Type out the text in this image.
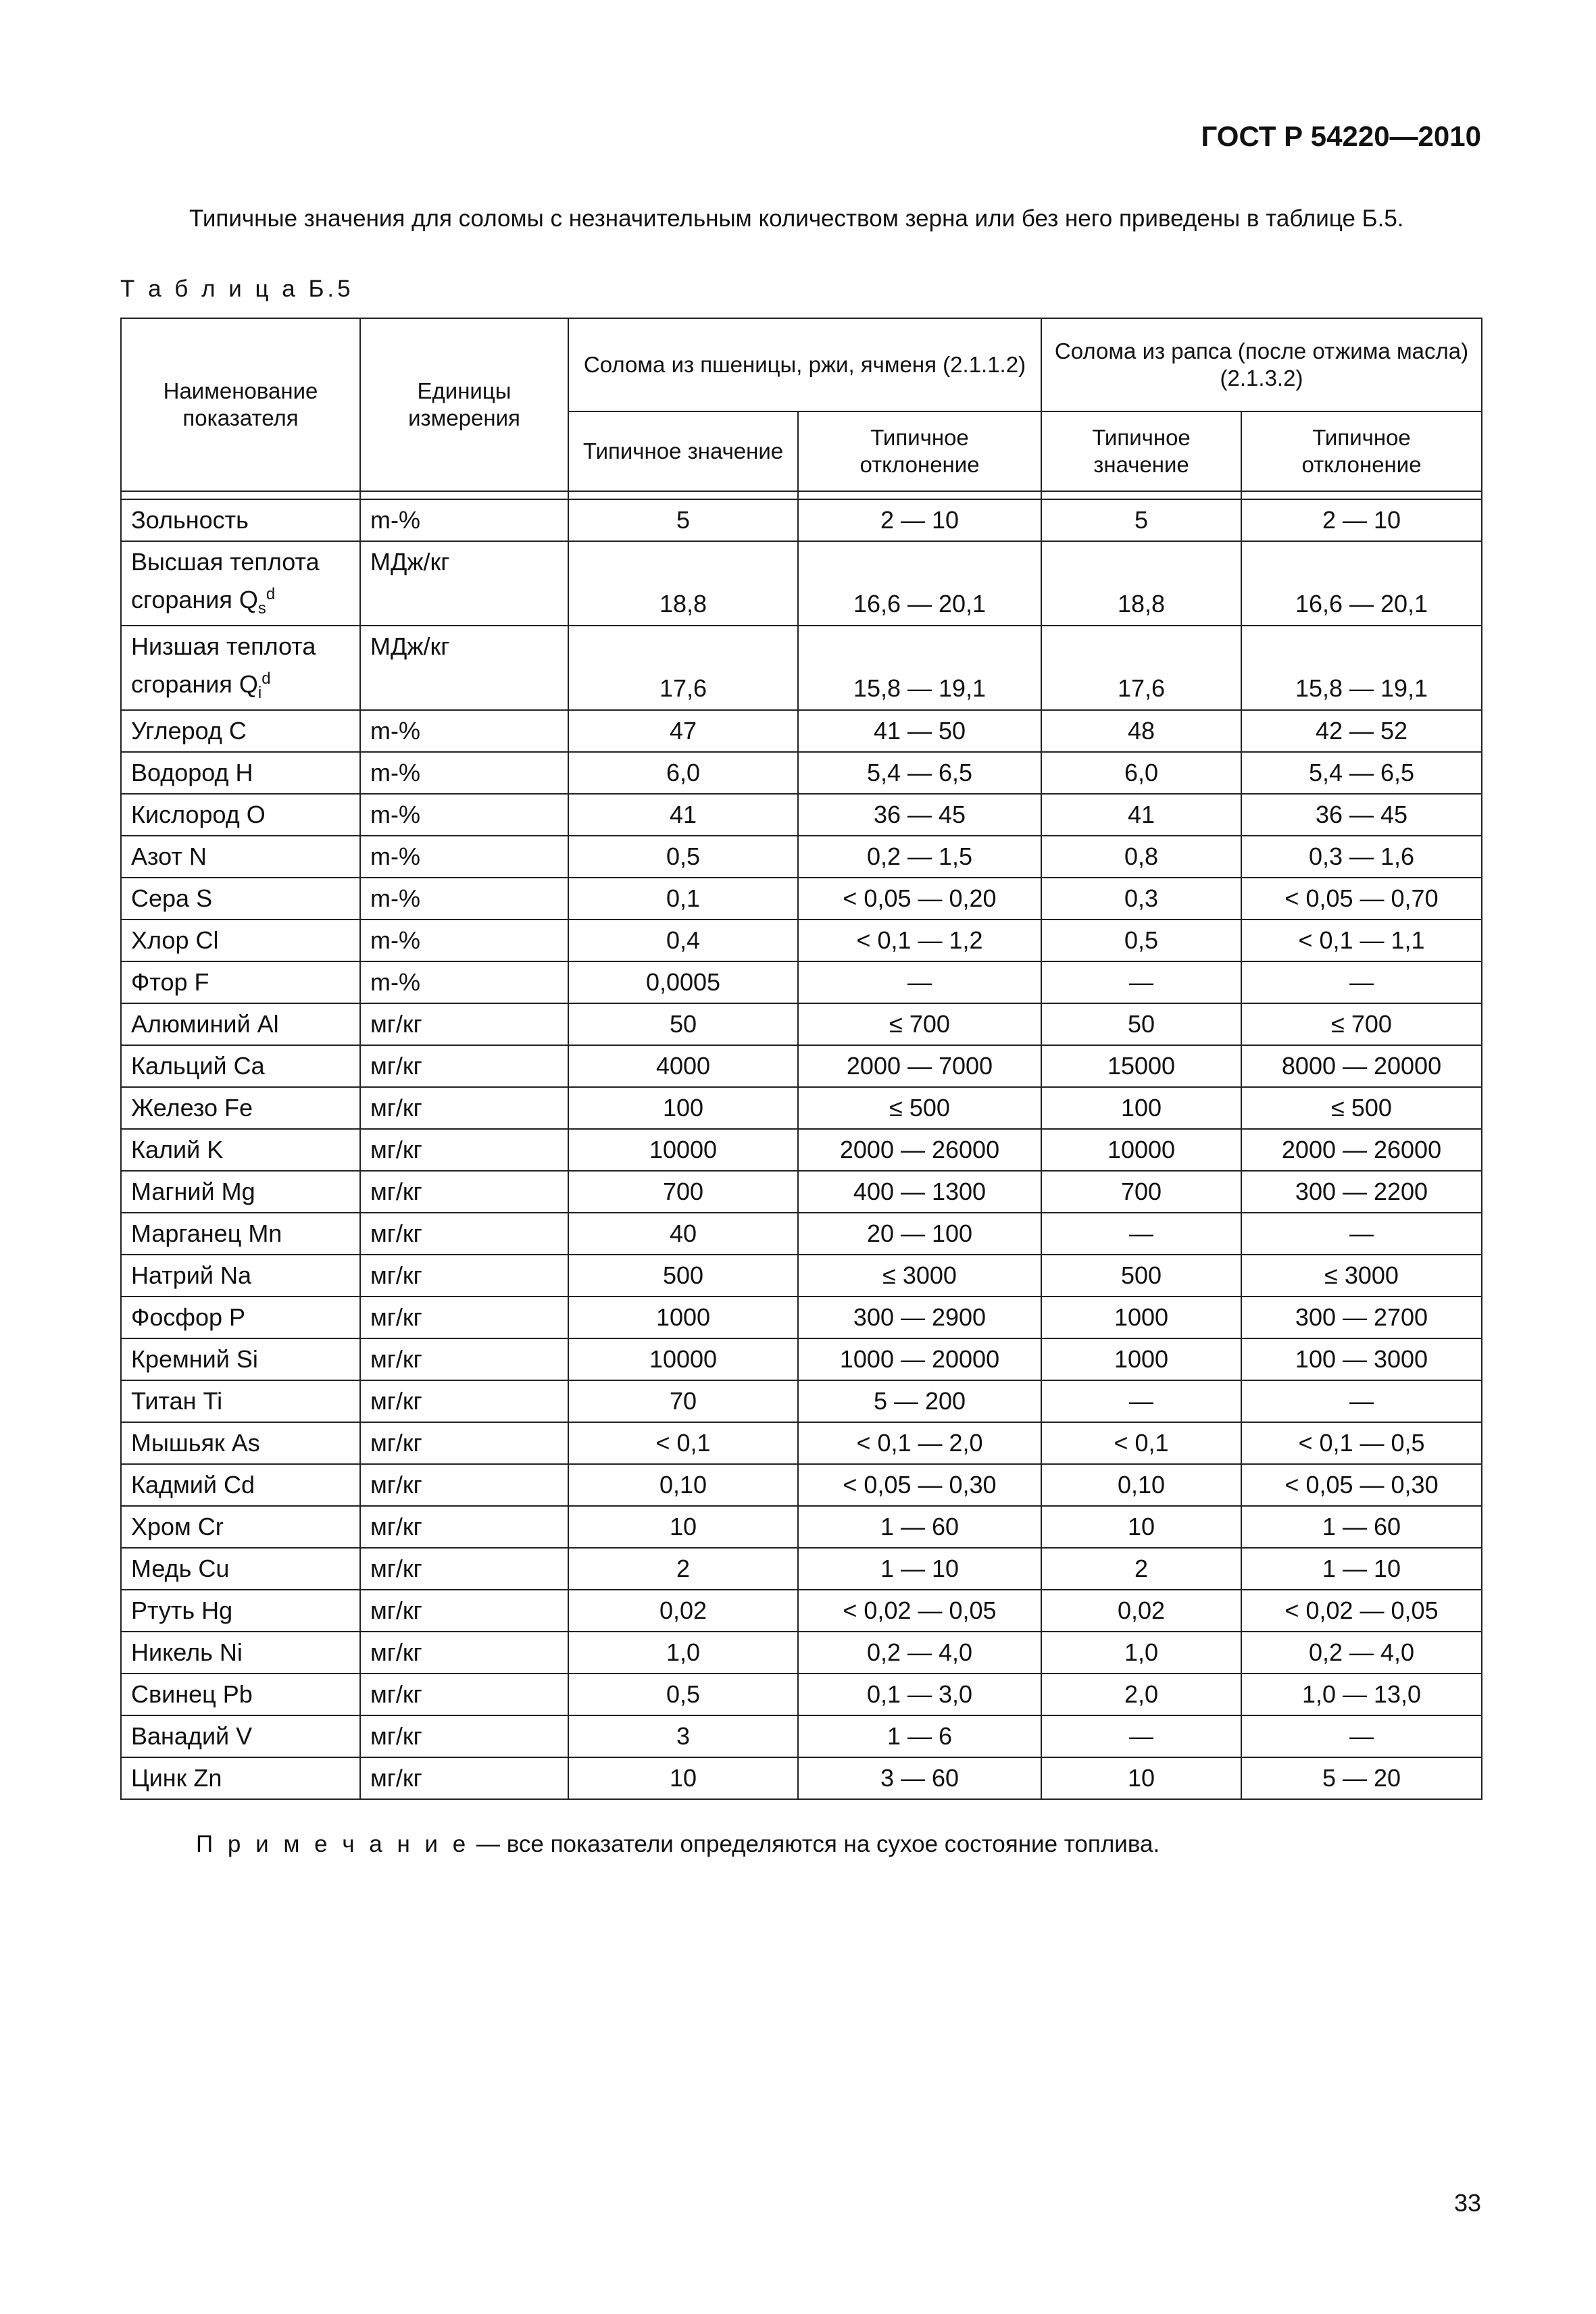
ГОСТ Р 54220—2010
Типичные значения для соломы с незначительным количеством зерна или без него приведены в таблице Б.5.
Т а б л и ц а Б.5
Наименование показателя	Единицы измерения	Солома из пшеницы, ржи, ячменя (2.1.1.2)		Солома из рапса (после отжима масла) (2.1.3.2)	
		Типичное значение	Типичное отклонение	Типичное значение	Типичное отклонение

Зольность	m-%	5	2 — 10	5	2 — 10
Высшая теплота сгорания $Q_s^d$	МДж/кг	18,8	16,6 — 20,1	18,8	16,6 — 20,1
Низшая теплота сгорания $Q_i^d$	МДж/кг	17,6	15,8 — 19,1	17,6	15,8 — 19,1
Углерод C	m-%	47	41 — 50	48	42 — 52
Водород H	m-%	6,0	5,4 — 6,5	6,0	5,4 — 6,5
Кислород O	m-%	41	36 — 45	41	36 — 45
Азот N	m-%	0,5	0,2 — 1,5	0,8	0,3 — 1,6
Сера S	m-%	0,1	< 0,05 — 0,20	0,3	< 0,05 — 0,70
Хлор Cl	m-%	0,4	< 0,1 — 1,2	0,5	< 0,1 — 1,1
Фтор F	m-%	0,0005	—	—	—
Алюминий Al	мг/кг	50	≤ 700	50	≤ 700
Кальций Ca	мг/кг	4000	2000 — 7000	15000	8000 — 20000
Железо Fe	мг/кг	100	≤ 500	100	≤ 500
Калий K	мг/кг	10000	2000 — 26000	10000	2000 — 26000
Магний Mg	мг/кг	700	400 — 1300	700	300 — 2200
Марганец Mn	мг/кг	40	20 — 100	—	—
Натрий Na	мг/кг	500	≤ 3000	500	≤ 3000
Фосфор P	мг/кг	1000	300 — 2900	1000	300 — 2700
Кремний Si	мг/кг	10000	1000 — 20000	1000	100 — 3000
Титан Ti	мг/кг	70	5 — 200	—	—
Мышьяк As	мг/кг	< 0,1	< 0,1 — 2,0	< 0,1	< 0,1 — 0,5
Кадмий Cd	мг/кг	0,10	< 0,05 — 0,30	0,10	< 0,05 — 0,30
Хром Cr	мг/кг	10	1 — 60	10	1 — 60
Медь Cu	мг/кг	2	1 — 10	2	1 — 10
Ртуть Hg	мг/кг	0,02	< 0,02 — 0,05	0,02	< 0,02 — 0,05
Никель Ni	мг/кг	1,0	0,2 — 4,0	1,0	0,2 — 4,0
Свинец Pb	мг/кг	0,5	0,1 — 3,0	2,0	1,0 — 13,0
Ванадий V	мг/кг	3	1 — 6	—	—
Цинк Zn	мг/кг	10	3 — 60	10	5 — 20
П р и м е ч а н и е — все показатели определяются на сухое состояние топлива.
33
